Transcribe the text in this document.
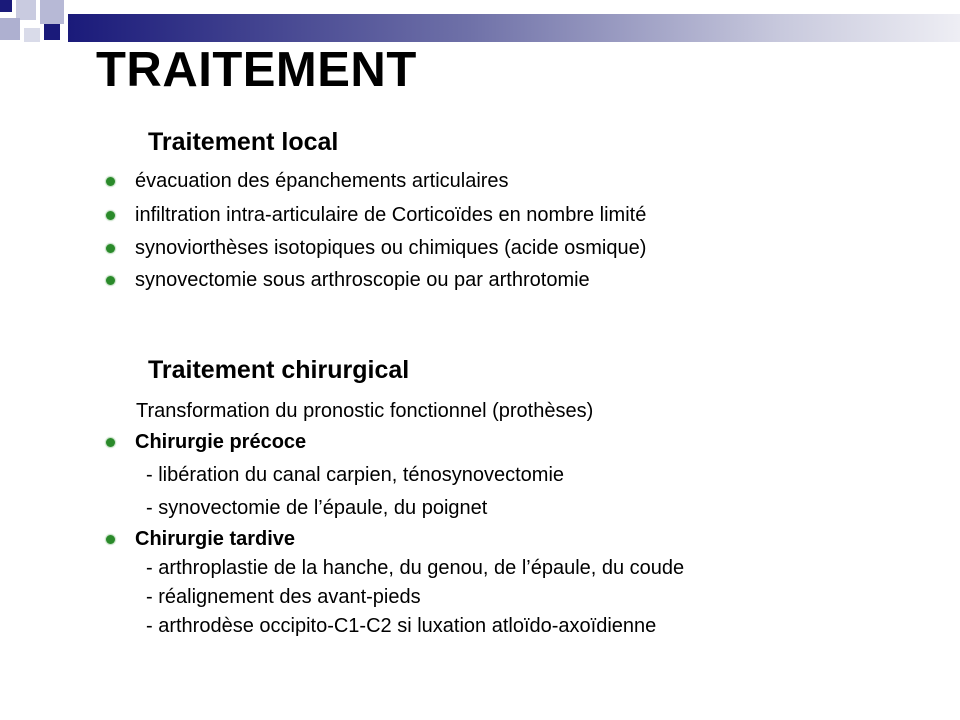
TRAITEMENT
Traitement local
évacuation des épanchements articulaires
infiltration intra-articulaire de Corticoïdes en nombre limité
synoviorthèses isotopiques ou chimiques (acide osmique)
synovectomie sous arthroscopie ou par arthrotomie
Traitement chirurgical
Transformation du pronostic fonctionnel (prothèses)
Chirurgie précoce
- libération du canal carpien, ténosynovectomie
- synovectomie de l’épaule, du poignet
Chirurgie tardive
- arthroplastie de la hanche, du genou, de l’épaule, du coude
- réalignement des avant-pieds
- arthrodèse occipito-C1-C2 si luxation atloïdo-axoïdienne
